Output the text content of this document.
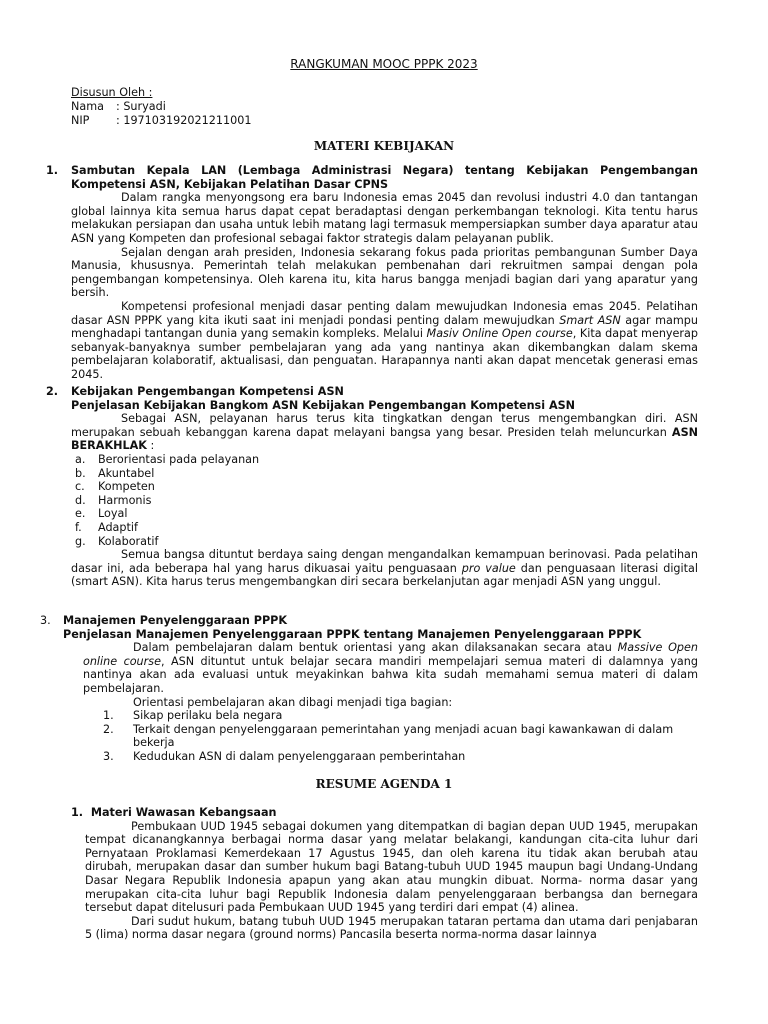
RANGKUMAN MOOC PPPK 2023
Disusun Oleh :
Nama : Suryadi
NIP : 197103192021211001
MATERI KEBIJAKAN
1. Sambutan Kepala LAN (Lembaga Administrasi Negara) tentang Kebijakan Pengembangan Kompetensi ASN, Kebijakan Pelatihan Dasar CPNS

Dalam rangka menyongsong era baru Indonesia emas 2045 dan revolusi industri 4.0 dan tantangan global lainnya kita semua harus dapat cepat beradaptasi dengan perkembangan teknologi. Kita tentu harus melakukan persiapan dan usaha untuk lebih matang lagi termasuk mempersiapkan sumber daya aparatur atau ASN yang Kompeten dan profesional sebagai faktor strategis dalam pelayanan publik.

Sejalan dengan arah presiden, Indonesia sekarang fokus pada prioritas pembangunan Sumber Daya Manusia, khususnya. Pemerintah telah melakukan pembenahan dari rekruitmen sampai dengan pola pengembangan kompetensinya. Oleh karena itu, kita harus bangga menjadi bagian dari yang aparatur yang bersih.

Kompetensi profesional menjadi dasar penting dalam mewujudkan Indonesia emas 2045. Pelatihan dasar ASN PPPK yang kita ikuti saat ini menjadi pondasi penting dalam mewujudkan Smart ASN agar mampu menghadapi tantangan dunia yang semakin kompleks. Melalui Masiv Online Open course, Kita dapat menyerap sebanyak-banyaknya sumber pembelajaran yang ada yang nantinya akan dikembangkan dalam skema pembelajaran kolaboratif, aktualisasi, dan penguatan. Harapannya nanti akan dapat mencetak generasi emas 2045.

2. Kebijakan Pengembangan Kompetensi ASN

Penjelasan Kebijakan Bangkom ASN Kebijakan Pengembangan Kompetensi ASN

Sebagai ASN, pelayanan harus terus kita tingkatkan dengan terus mengembangkan diri. ASN merupakan sebuah kebanggan karena dapat melayani bangsa yang besar. Presiden telah meluncurkan ASN BERAKHLAK :

a. Berorientasi pada pelayanan
b. Akuntabel
c. Kompeten
d. Harmonis
e. Loyal
f. Adaptif
g. Kolaboratif

Semua bangsa dituntut berdaya saing dengan mengandalkan kemampuan berinovasi. Pada pelatihan dasar ini, ada beberapa hal yang harus dikuasai yaitu penguasaan pro value dan penguasaan literasi digital (smart ASN). Kita harus terus mengembangkan diri secara berkelanjutan agar menjadi ASN yang unggul.

3. Manajemen Penyelenggaraan PPPK

Penjelasan Manajemen Penyelenggaraan PPPK tentang Manajemen Penyelenggaraan PPPK

Dalam pembelajaran dalam bentuk orientasi yang akan dilaksanakan secara atau Massive Open online course, ASN dituntut untuk belajar secara mandiri mempelajari semua materi di dalamnya yang nantinya akan ada evaluasi untuk meyakinkan bahwa kita sudah memahami semua materi di dalam pembelajaran.

Orientasi pembelajaran akan dibagi menjadi tiga bagian:

1. Sikap perilaku bela negara
2. Terkait dengan penyelenggaraan pemerintahan yang menjadi acuan bagi kawankawan di dalam bekerja
3. Kedudukan ASN di dalam penyelenggaraan pemberintahan
RESUME AGENDA 1
1. Materi Wawasan Kebangsaan

Pembukaan UUD 1945 sebagai dokumen yang ditempatkan di bagian depan UUD 1945, merupakan tempat dicanangkannya berbagai norma dasar yang melatar belakangi, kandungan cita-cita luhur dari Pernyataan Proklamasi Kemerdekaan 17 Agustus 1945, dan oleh karena itu tidak akan berubah atau dirubah, merupakan dasar dan sumber hukum bagi Batang-tubuh UUD 1945 maupun bagi Undang-Undang Dasar Negara Republik Indonesia apapun yang akan atau mungkin dibuat. Norma- norma dasar yang merupakan cita-cita luhur bagi Republik Indonesia dalam penyelenggaraan berbangsa dan bernegara tersebut dapat ditelusuri pada Pembukaan UUD 1945 yang terdiri dari empat (4) alinea.

Dari sudut hukum, batang tubuh UUD 1945 merupakan tataran pertama dan utama dari penjabaran 5 (lima) norma dasar negara (ground norms) Pancasila beserta norma-norma dasar lainnya
